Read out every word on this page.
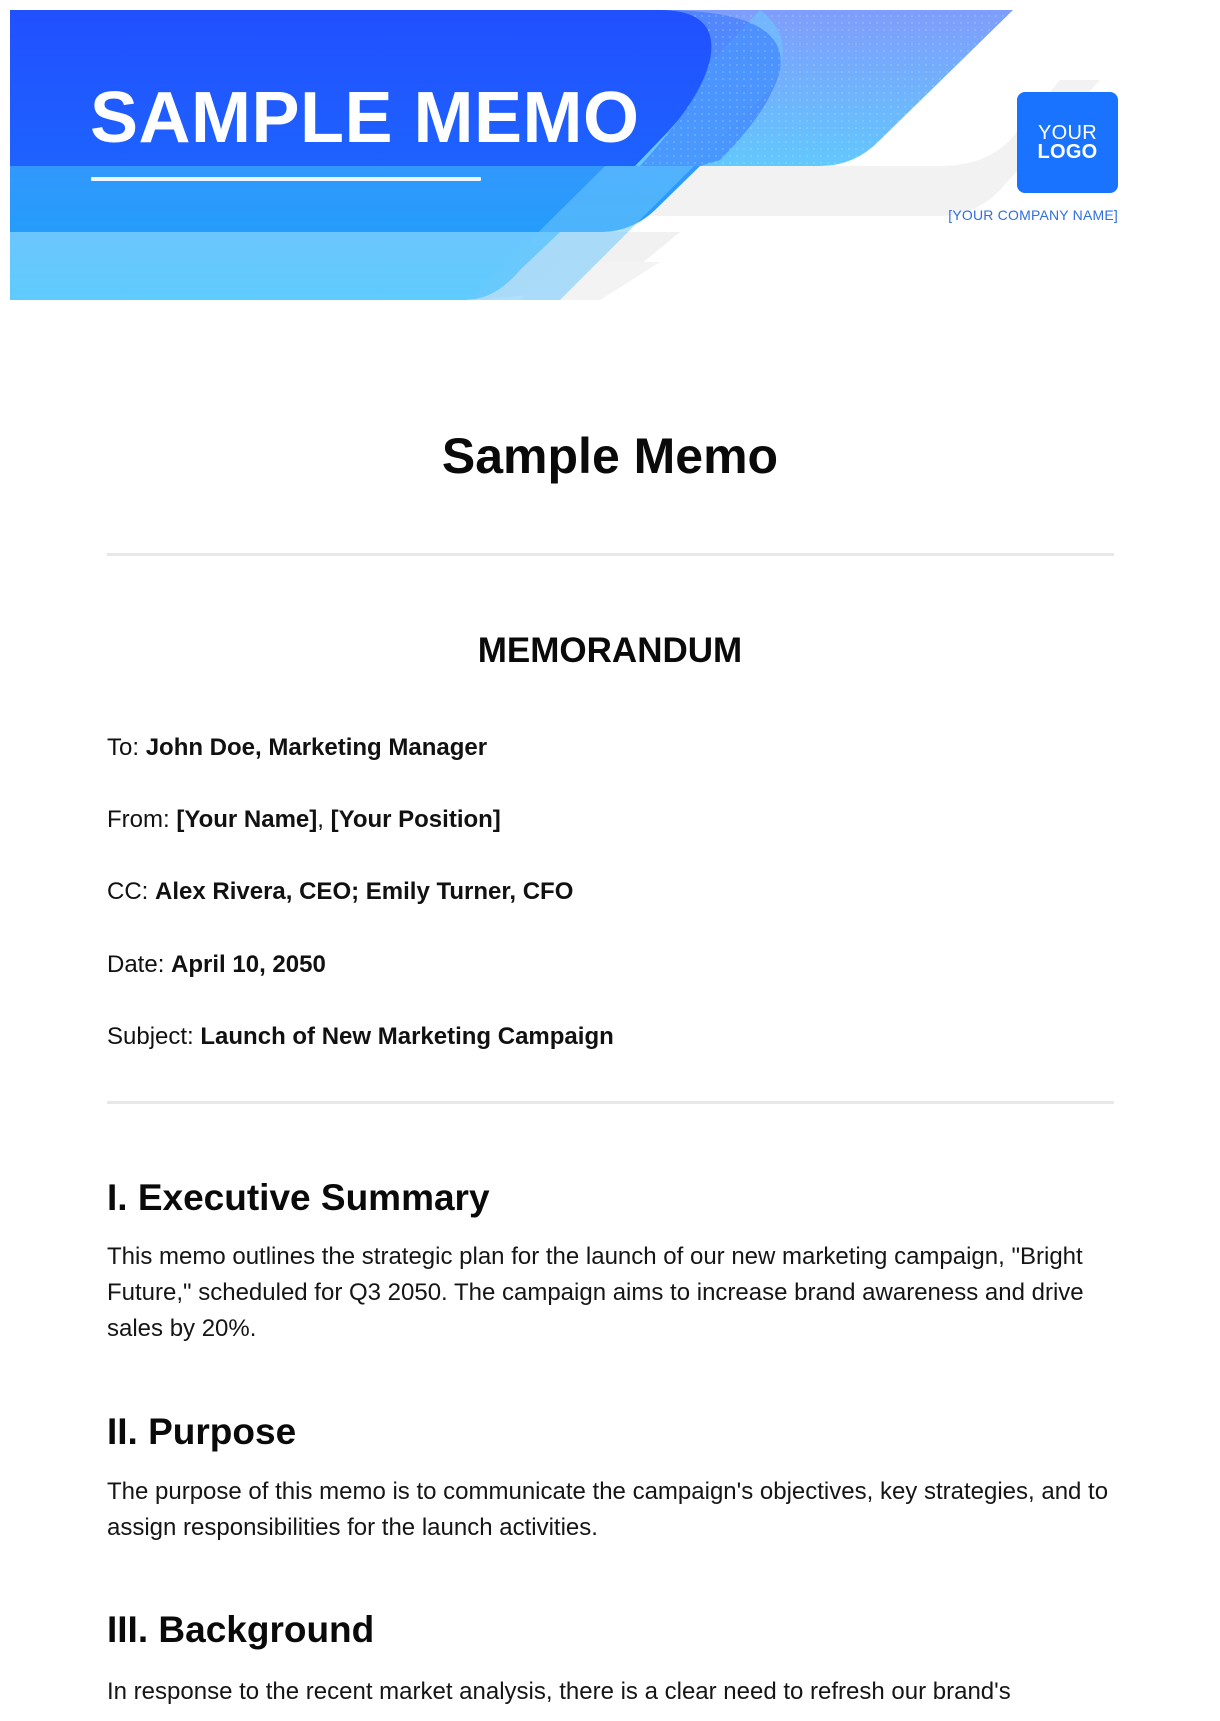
SAMPLE MEMO	YOUR
LOGO
[YOUR COMPANY NAME]
Sample Memo
MEMORANDUM
To: John Doe, Marketing Manager
From: [Your Name], [Your Position]
CC: Alex Rivera, CEO; Emily Turner, CFO
Date: April 10, 2050
Subject: Launch of New Marketing Campaign
I. Executive Summary

This memo outlines the strategic plan for the launch of our new marketing campaign, "Bright Future," scheduled for Q3 2050. The campaign aims to increase brand awareness and drive sales by 20%.

II. Purpose

The purpose of this memo is to communicate the campaign's objectives, key strategies, and to assign responsibilities for the launch activities.

III. Background

In response to the recent market analysis, there is a clear need to refresh our brand's
